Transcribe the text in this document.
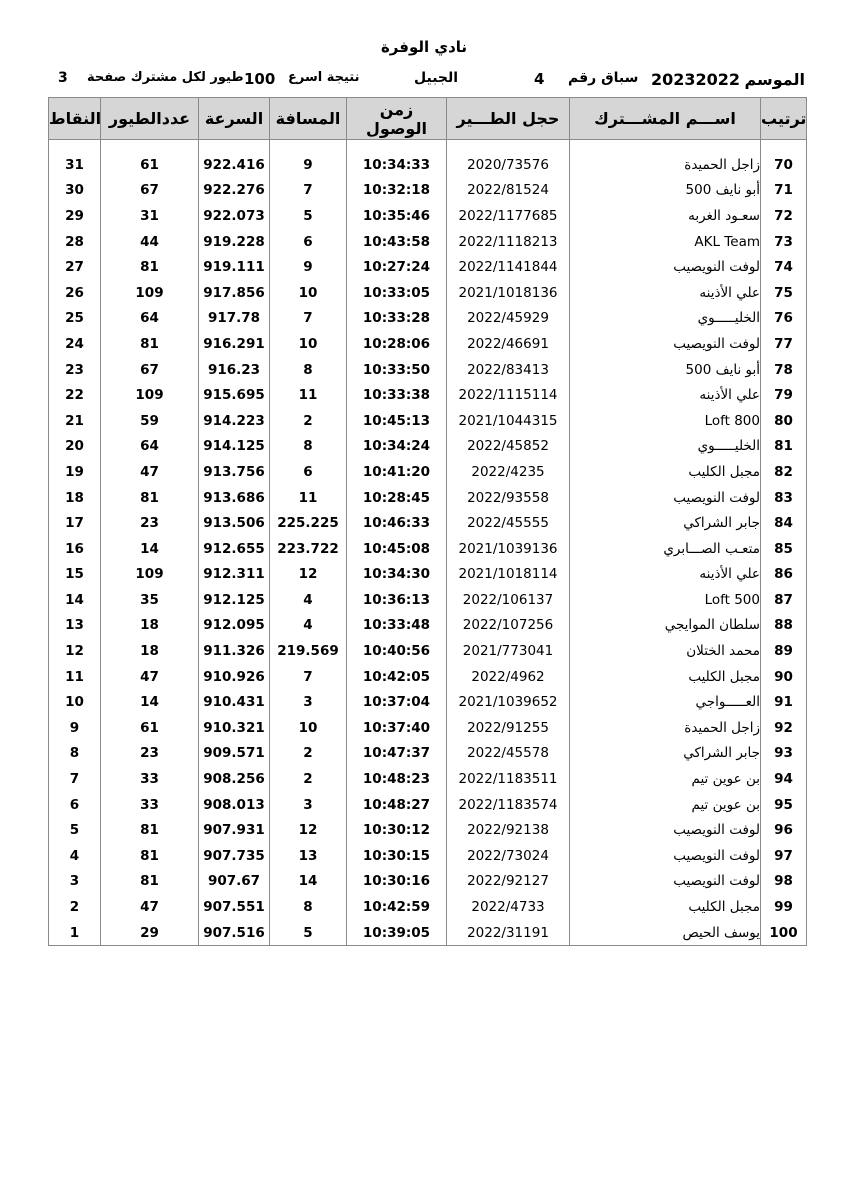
نادي الوفرة
الموسم
20232022
سباق رقم
4
الجبيل
نتيجة اسرع
100
طيور لكل مشترك صفحة
3
النقاط	عددالطيور	السرعة	المسافة	زمن الوصول	حجل الطـــير	اســـم المشـــترك	ترتيب

31	61	922.416	9	10:34:33	2020/73576	زاجل الحميدة	70
30	67	922.276	7	10:32:18	2022/81524	أبو نايف 500	71
29	31	922.073	5	10:35:46	2022/1177685	سعـود الغربه	72
28	44	919.228	6	10:43:58	2022/1118213	AKL Team	73
27	81	919.111	9	10:27:24	2022/1141844	لوفت النويصيب	74
26	109	917.856	10	10:33:05	2021/1018136	علي الأذينه	75
25	64	917.78	7	10:33:28	2022/45929	الخليـــــوي	76
24	81	916.291	10	10:28:06	2022/46691	لوفت النويصيب	77
23	67	916.23	8	10:33:50	2022/83413	أبو نايف 500	78
22	109	915.695	11	10:33:38	2022/1115114	علي الأذينه	79
21	59	914.223	2	10:45:13	2021/1044315	Loft 800	80
20	64	914.125	8	10:34:24	2022/45852	الخليـــــوي	81
19	47	913.756	6	10:41:20	2022/4235	مجبل الكليب	82
18	81	913.686	11	10:28:45	2022/93558	لوفت النويصيب	83
17	23	913.506	225.225	10:46:33	2022/45555	جابر الشراكي	84
16	14	912.655	223.722	10:45:08	2021/1039136	متعـب الصـــابري	85
15	109	912.311	12	10:34:30	2021/1018114	علي الأذينه	86
14	35	912.125	4	10:36:13	2022/106137	Loft 500	87
13	18	912.095	4	10:33:48	2022/107256	سلطان الموايجي	88
12	18	911.326	219.569	10:40:56	2021/773041	محمد الختلان	89
11	47	910.926	7	10:42:05	2022/4962	مجبل الكليب	90
10	14	910.431	3	10:37:04	2021/1039652	العـــــواجي	91
9	61	910.321	10	10:37:40	2022/91255	زاجل الحميدة	92
8	23	909.571	2	10:47:37	2022/45578	جابر الشراكي	93
7	33	908.256	2	10:48:23	2022/1183511	بن عوين تيم	94
6	33	908.013	3	10:48:27	2022/1183574	بن عوين تيم	95
5	81	907.931	12	10:30:12	2022/92138	لوفت النويصيب	96
4	81	907.735	13	10:30:15	2022/73024	لوفت النويصيب	97
3	81	907.67	14	10:30:16	2022/92127	لوفت النويصيب	98
2	47	907.551	8	10:42:59	2022/4733	مجبل الكليب	99
1	29	907.516	5	10:39:05	2022/31191	يوسف الحيص	100
